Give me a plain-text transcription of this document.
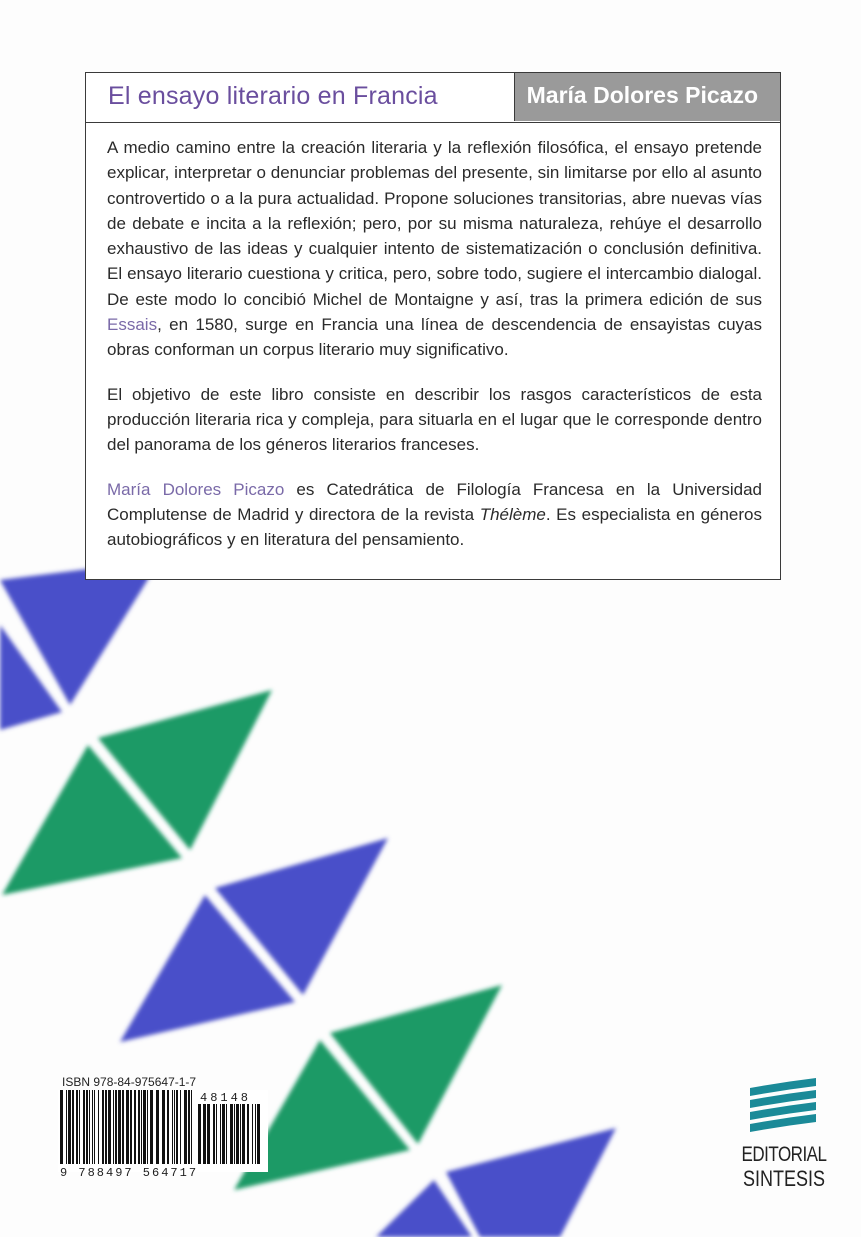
El ensayo literario en Francia	María Dolores Picazo

A medio camino entre la creación literaria y la reflexión filosófica, el ensayo pretende explicar, interpretar o denunciar problemas del presente, sin limitarse por ello al asunto controvertido o a la pura actualidad. Propone soluciones transitorias, abre nuevas vías de debate e incita a la reflexión; pero, por su misma naturaleza, rehúye el desarrollo exhaustivo de las ideas y cualquier intento de sistematización o conclusión definitiva. El ensayo literario cuestiona y critica, pero, sobre todo, sugiere el intercambio dialogal. De este modo lo concibió Michel de Montaigne y así, tras la primera edición de sus Essais, en 1580, surge en Francia una línea de descendencia de ensayistas cuyas obras conforman un corpus literario muy significativo.

El objetivo de este libro consiste en describir los rasgos característicos de esta producción literaria rica y compleja, para situarla en el lugar que le corresponde dentro del panorama de los géneros literarios franceses.

María Dolores Picazo es Catedrática de Filología Francesa en la Universidad Complutense de Madrid y directora de la revista Thélème. Es especialista en géneros autobiográficos y en literatura del pensamiento.

ISBN 978-84-975647-1-7
48148
9 788497 564717
EDITORIAL
SINTESIS
